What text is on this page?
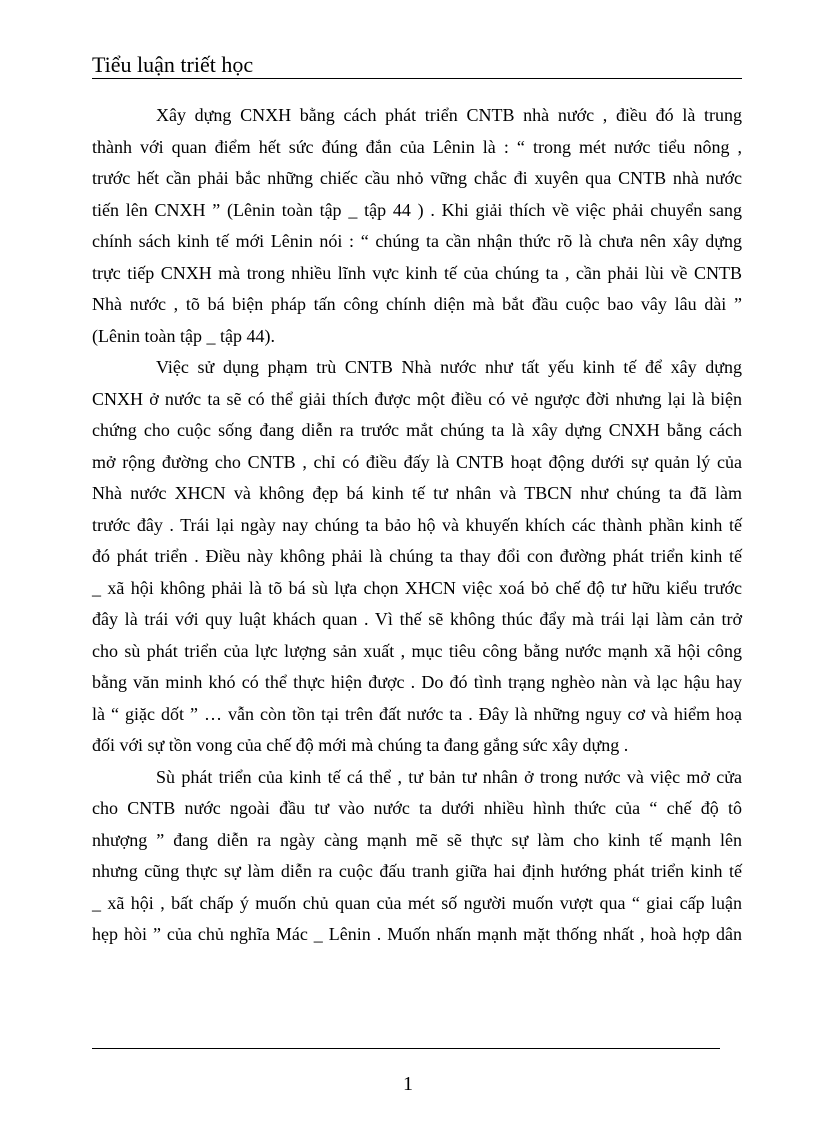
Tiểu luận triết học
Xây dựng CNXH bằng cách phát triển CNTB nhà nước , điều đó là trung
thành với quan điểm hết sức đúng đắn của Lênin là : “ trong mét nước tiểu nông ,
trước hết cần phải bắc những chiếc cầu nhỏ vững chắc đi xuyên qua CNTB nhà nước
tiến lên CNXH ” (Lênin toàn tập _ tập 44 ) . Khi giải thích về việc phải chuyển sang
chính sách kinh tế mới Lênin nói : “ chúng ta cần nhận thức rõ là chưa nên xây dựng
trực tiếp CNXH mà trong nhiều lĩnh vực kinh tế của chúng ta , cần phải lùi về CNTB
Nhà nước , tõ bá biện pháp tấn công chính diện mà bắt đầu cuộc bao vây lâu dài ”
(Lênin toàn tập _ tập 44).
Việc sử dụng phạm trù CNTB Nhà nước như tất yếu kinh tế để xây dựng
CNXH ở nước ta sẽ có thể giải thích được một điều có vẻ ngược đời nhưng lại là biện
chứng cho cuộc sống đang diễn ra trước mắt chúng ta là xây dựng CNXH bằng cách
mở rộng đường cho CNTB , chỉ có điều đấy là CNTB hoạt động dưới sự quản lý của
Nhà nước XHCN và không đẹp bá kinh tế tư nhân và TBCN như chúng ta đã làm
trước đây . Trái lại ngày nay chúng ta bảo hộ và khuyến khích các thành phần kinh tế
đó phát triển . Điều này không phải là chúng ta thay đổi con đường phát triển kinh tế
_ xã hội không phải là tõ bá sù lựa chọn XHCN việc xoá bỏ chế độ tư hữu kiểu trước
đây là trái với quy luật khách quan . Vì thế sẽ không thúc đẩy mà trái lại làm cản trở
cho sù phát triển của lực lượng sản xuất , mục tiêu công bằng nước mạnh xã hội công
bằng văn minh khó có thể thực hiện được . Do đó tình trạng nghèo nàn và lạc hậu hay
là “ giặc dốt ” … vẫn còn tồn tại trên đất nước ta . Đây là những nguy cơ và hiểm hoạ
đối với sự tồn vong của chế độ mới mà chúng ta đang gắng sức xây dựng .
Sù phát triển của kinh tế cá thể , tư bản tư nhân ở trong nước và việc mở cửa
cho CNTB nước ngoài đầu tư vào nước ta dưới nhiều hình thức của “ chế độ tô
nhượng ” đang diễn ra ngày càng mạnh mẽ sẽ thực sự làm cho kinh tế mạnh lên
nhưng cũng thực sự làm diễn ra cuộc đấu tranh giữa hai định hướng phát triển kinh tế
_ xã hội , bất chấp ý muốn chủ quan của mét số người muốn vượt qua “ giai cấp luận
hẹp hòi ” của chủ nghĩa Mác _ Lênin . Muốn nhấn mạnh mặt thống nhất , hoà hợp dân
1
